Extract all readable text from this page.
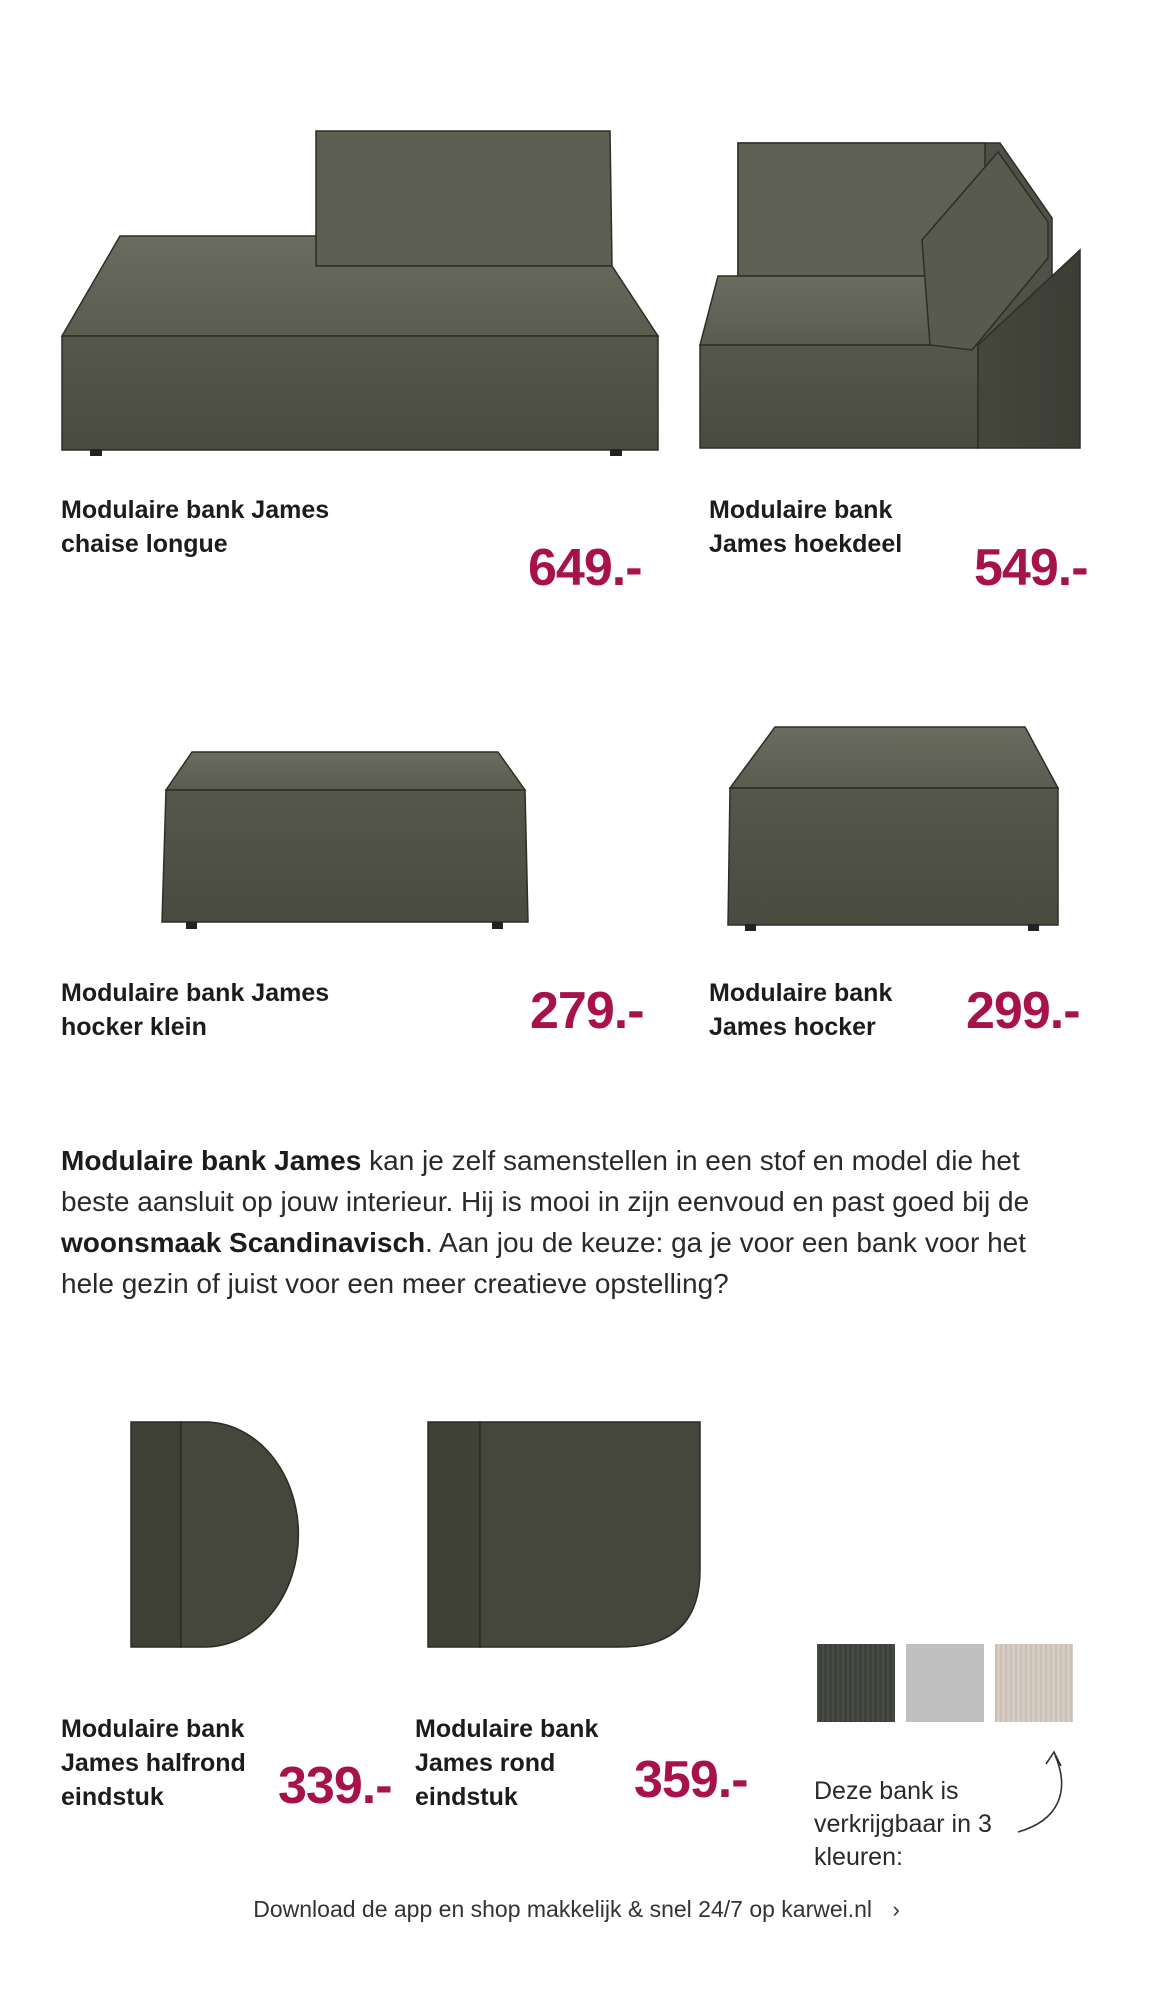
Modulaire bank James
chaise longue	649.-
Modulaire bank
James hoekdeel 549.-
Modulaire bank James
hocker klein	279.-	Modulaire bank
James hocker	299.-
Modulaire bank James kan je zelf samenstellen in een stof en model die het beste aansluit op jouw interieur. Hij is mooi in zijn eenvoud en past goed bij de woonsmaak Scandinavisch. Aan jou de keuze: ga je voor een bank voor het hele gezin of juist voor een meer creatieve opstelling?
Modulaire bank
James halfrond
eindstuk	339.-
Modulaire bank
James rond
eindstuk	359.-	Deze bank is verkrijgbaar in 3 kleuren:
Download de app en shop makkelijk & snel 24/7 op karwei.nl ›
